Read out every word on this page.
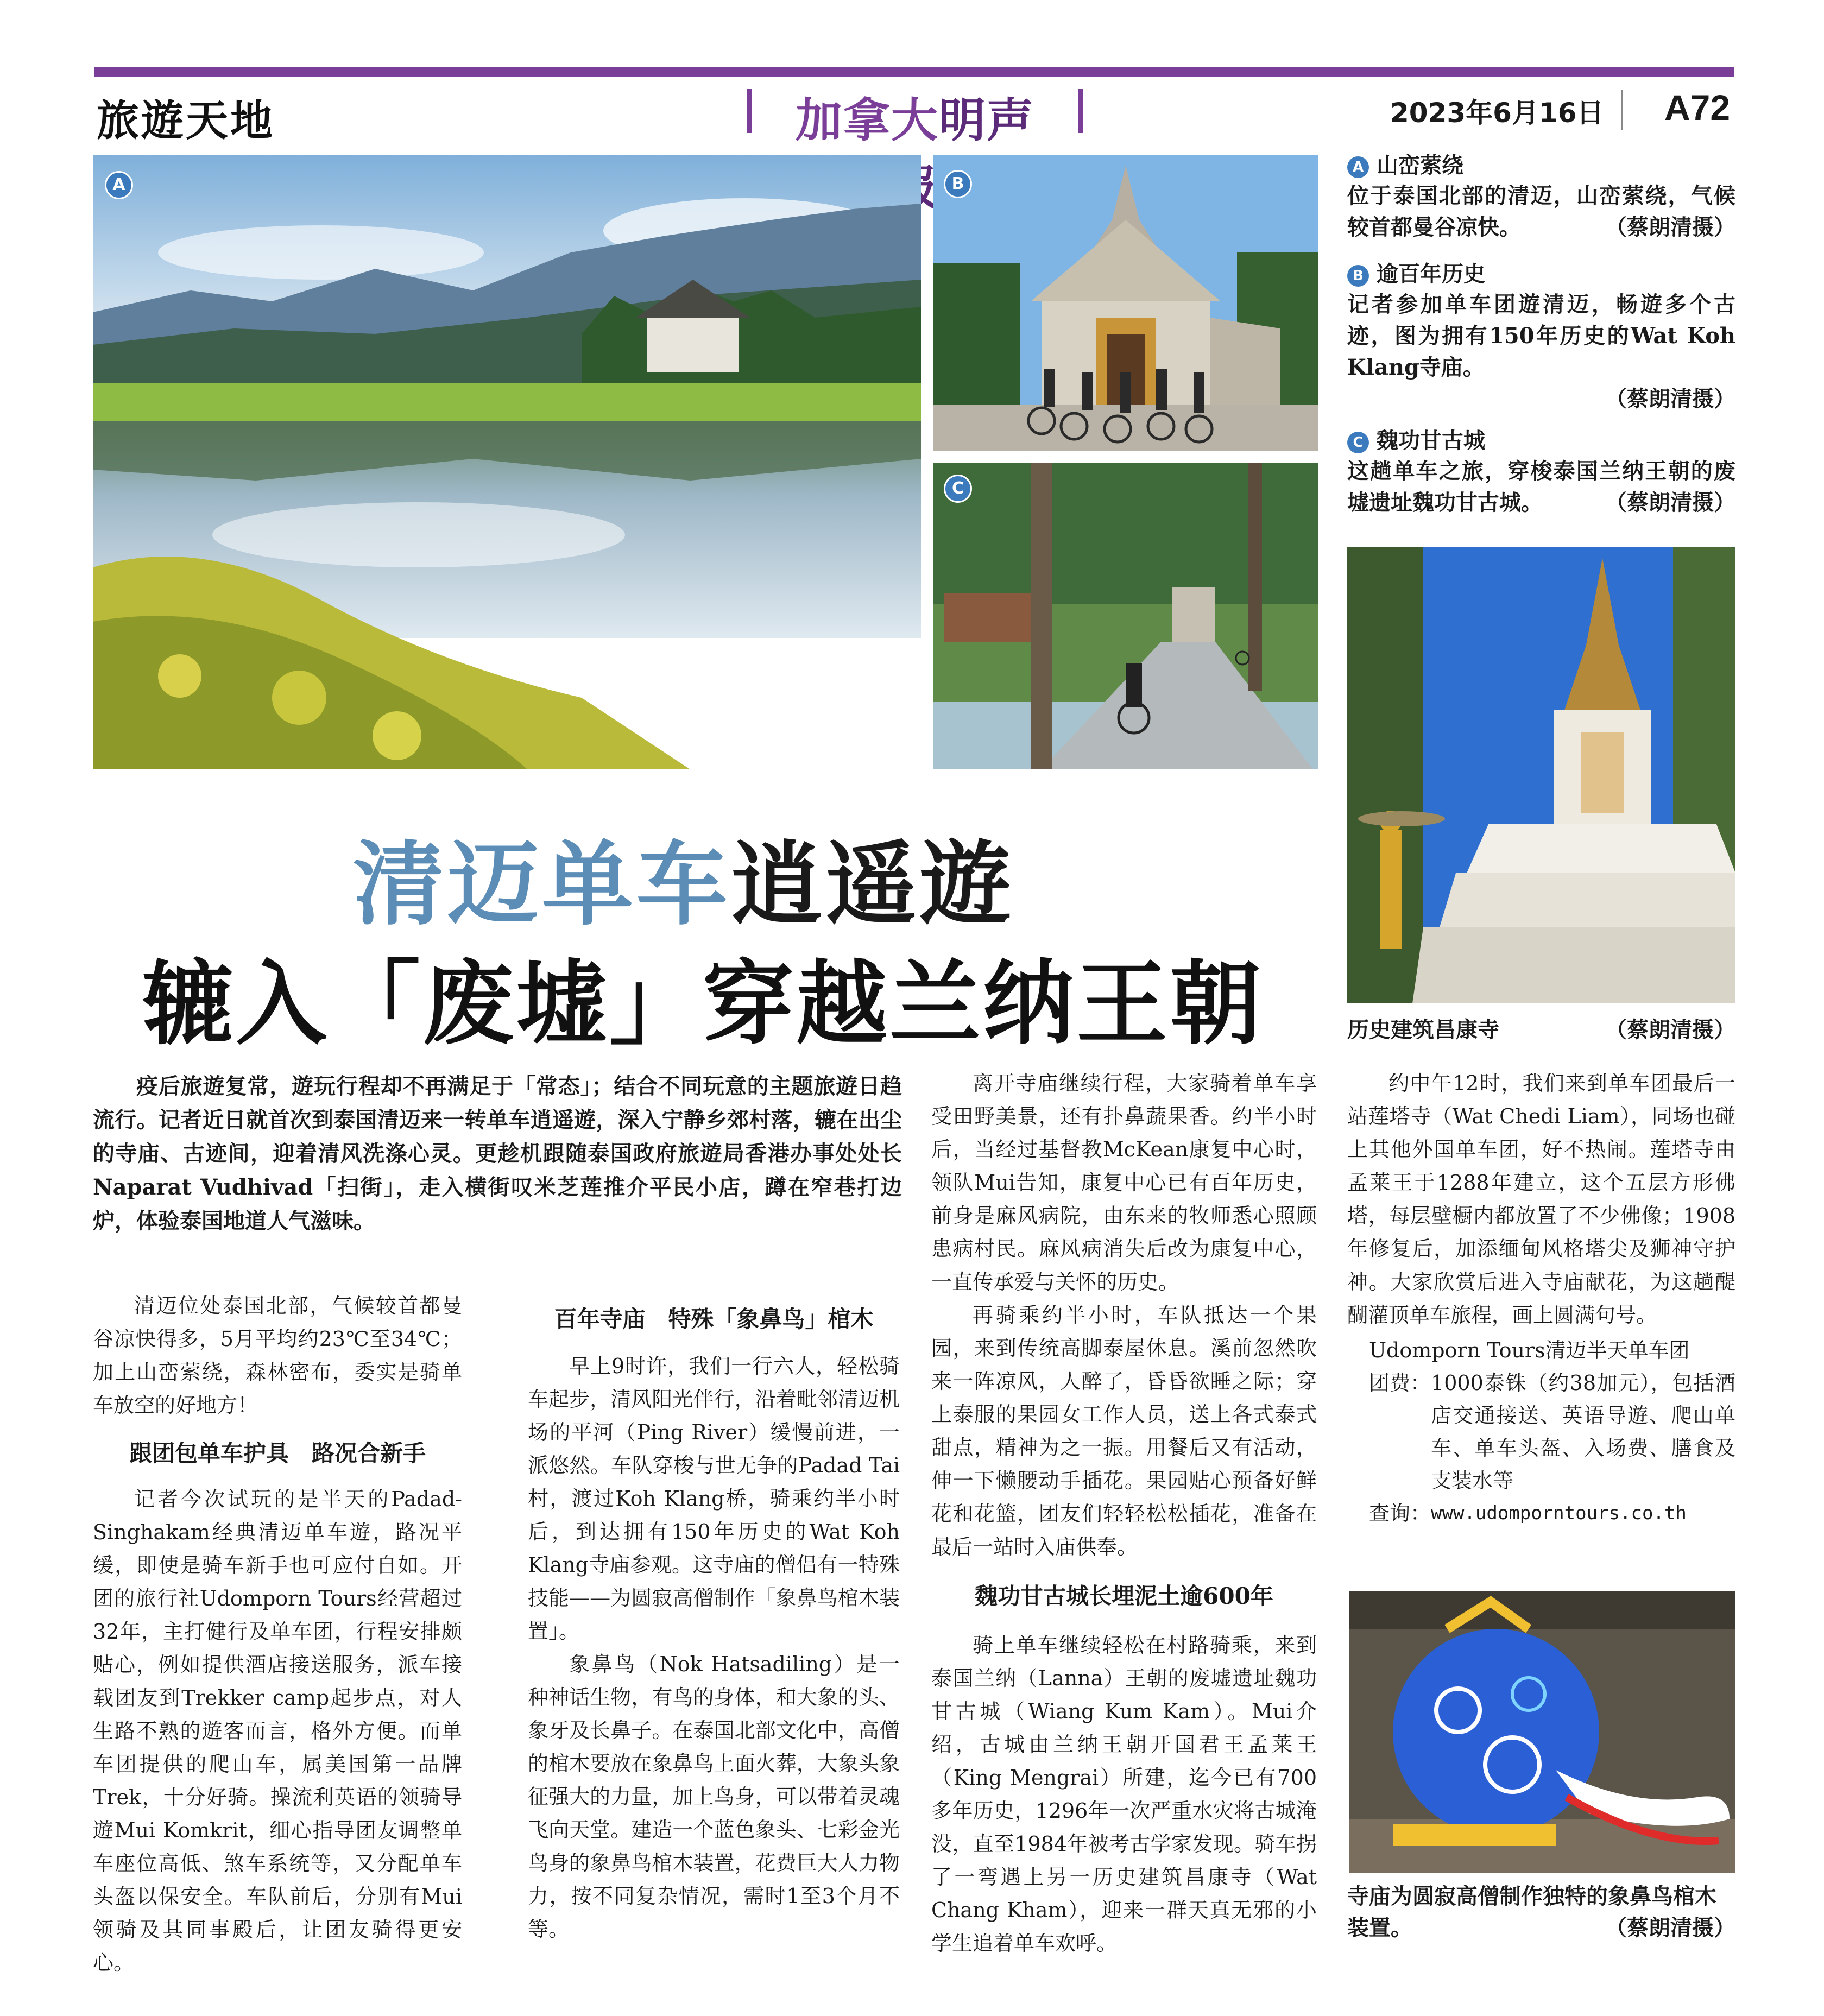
旅遊天地	加拿大明声	2023年6月16日 A72
A	B
C
A 山峦萦绕
位于泰国北部的清迈，山峦萦绕，气候较首都曼谷凉快。	（蔡朗清摄）
B 逾百年历史
记者参加单车团遊清迈，畅遊多个古迹，图为拥有150年历史的Wat Koh Klang寺庙。
（蔡朗清摄）
C 魏功甘古城
这趟单车之旅，穿梭泰国兰纳王朝的废墟遗址魏功甘古城。	（蔡朗清摄）
历史建筑昌康寺	（蔡朗清摄）
清迈单车逍遥遊
辘入「废墟」穿越兰纳王朝
疫后旅遊复常，遊玩行程却不再满足于「常态」；结合不同玩意的主题旅遊日趋流行。记者近日就首次到泰国清迈来一转单车逍遥遊，深入宁静乡郊村落，辘在出尘的寺庙、古迹间，迎着清风洗涤心灵。更趁机跟随泰国政府旅遊局香港办事处处长Naparat Vudhivad「扫街」，走入横街叹米芝莲推介平民小店，蹲在窄巷打边炉，体验泰国地道人气滋味。

清迈位处泰国北部，气候较首都曼谷凉快得多，5月平均约23℃至34℃；加上山峦萦绕，森林密布，委实是骑单车放空的好地方！

跟团包单车护具　路况合新手

记者今次试玩的是半天的Padad-Singhakam经典清迈单车遊，路况平缓，即使是骑车新手也可应付自如。开团的旅行社Udomporn Tours经营超过32年，主打健行及单车团，行程安排颇贴心，例如提供酒店接送服务，派车接载团友到Trekker camp起步点，对人生路不熟的遊客而言，格外方便。而单车团提供的爬山车，属美国第一品牌Trek，十分好骑。操流利英语的领骑导遊Mui Komkrit，细心指导团友调整单车座位高低、煞车系统等，又分配单车头盔以保安全。车队前后，分别有Mui领骑及其同事殿后，让团友骑得更安心。

百年寺庙　特殊「象鼻鸟」棺木

早上9时许，我们一行六人，轻松骑车起步，清风阳光伴行，沿着毗邻清迈机场的平河（Ping River）缓慢前进，一派悠然。车队穿梭与世无争的Padad Tai村，渡过Koh Klang桥，骑乘约半小时后，到达拥有150年历史的Wat Koh Klang寺庙参观。这寺庙的僧侣有一特殊技能——为圆寂高僧制作「象鼻鸟棺木装置」。

象鼻鸟（Nok Hatsadiling）是一种神话生物，有鸟的身体，和大象的头、象牙及长鼻子。在泰国北部文化中，高僧的棺木要放在象鼻鸟上面火葬，大象头象征强大的力量，加上鸟身，可以带着灵魂飞向天堂。建造一个蓝色象头、七彩金光鸟身的象鼻鸟棺木装置，花费巨大人力物力，按不同复杂情况，需时1至3个月不等。

离开寺庙继续行程，大家骑着单车享受田野美景，还有扑鼻蔬果香。约半小时后，当经过基督教McKean康复中心时，领队Mui告知，康复中心已有百年历史，前身是麻风病院，由东来的牧师悉心照顾患病村民。麻风病消失后改为康复中心，一直传承爱与关怀的历史。

再骑乘约半小时，车队抵达一个果园，来到传统高脚泰屋休息。溪前忽然吹来一阵凉风，人醉了，昏昏欲睡之际；穿上泰服的果园女工作人员，送上各式泰式甜点，精神为之一振。用餐后又有活动，伸一下懒腰动手插花。果园贴心预备好鲜花和花篮，团友们轻轻松松插花，准备在最后一站时入庙供奉。

魏功甘古城长埋泥土逾600年

骑上单车继续轻松在村路骑乘，来到泰国兰纳（Lanna）王朝的废墟遗址魏功甘古城（Wiang Kum Kam）。Mui介绍，古城由兰纳王朝开国君王孟莱王（King Mengrai）所建，迄今已有700多年历史，1296年一次严重水灾将古城淹没，直至1984年被考古学家发现。骑车拐了一弯遇上另一历史建筑昌康寺（Wat Chang Kham），迎来一群天真无邪的小学生追着单车欢呼。

约中午12时，我们来到单车团最后一站莲塔寺（Wat Chedi Liam），同场也碰上其他外国单车团，好不热闹。莲塔寺由孟莱王于1288年建立，这个五层方形佛塔，每层壁橱内都放置了不少佛像；1908年修复后，加添缅甸风格塔尖及狮神守护神。大家欣赏后进入寺庙献花，为这趟醍醐灌顶单车旅程，画上圆满句号。

Udomporn Tours清迈半天单车团
团费： 1000泰铢（约38加元），包括酒店交通接送、英语导遊、爬山单车、单车头盔、入场费、膳食及支装水等
查询： www.udomporntours.co.th
寺庙为圆寂高僧制作独特的象鼻鸟棺木装置。	（蔡朗清摄）
